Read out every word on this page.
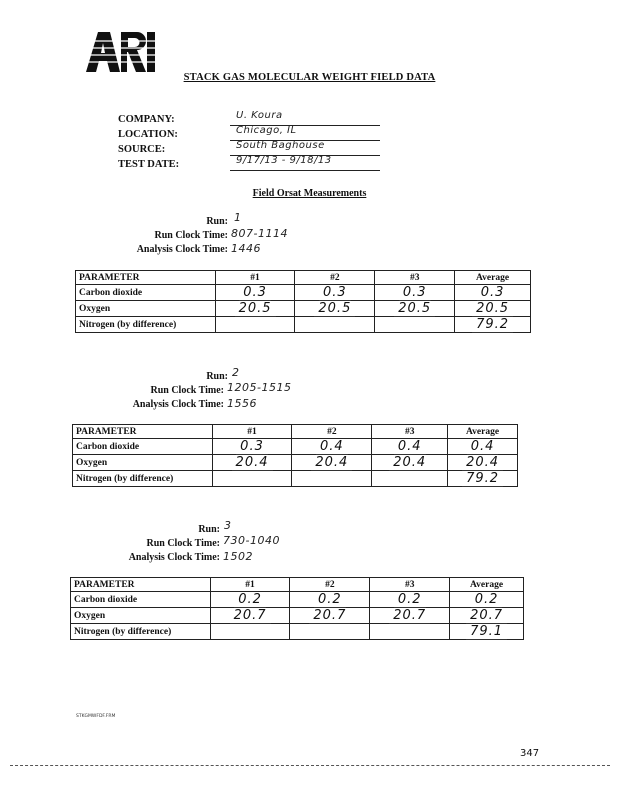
STACK GAS MOLECULAR WEIGHT FIELD DATA
COMPANY:	U. Koura
LOCATION:	Chicago, IL
SOURCE:	South Baghouse
TEST DATE:	9/17/13 - 9/18/13
Field Orsat Measurements
Run: 1
Run Clock Time: 807-1114
Analysis Clock Time: 1446
PARAMETER	#1	#2	#3	Average
Carbon dioxide	0.3	0.3	0.3	0.3
Oxygen	20.5	20.5	20.5	20.5
Nitrogen (by difference)				79.2
Run: 2
Run Clock Time: 1205-1515
Analysis Clock Time: 1556
PARAMETER	#1	#2	#3	Average
Carbon dioxide	0.3	0.4	0.4	0.4
Oxygen	20.4	20.4	20.4	20.4
Nitrogen (by difference)				79.2
Run: 3
Run Clock Time: 730-1040
Analysis Clock Time: 1502
PARAMETER	#1	#2	#3	Average
Carbon dioxide	0.2	0.2	0.2	0.2
Oxygen	20.7	20.7	20.7	20.7
Nitrogen (by difference)				79.1
STKGMWFDF.FRM
347
